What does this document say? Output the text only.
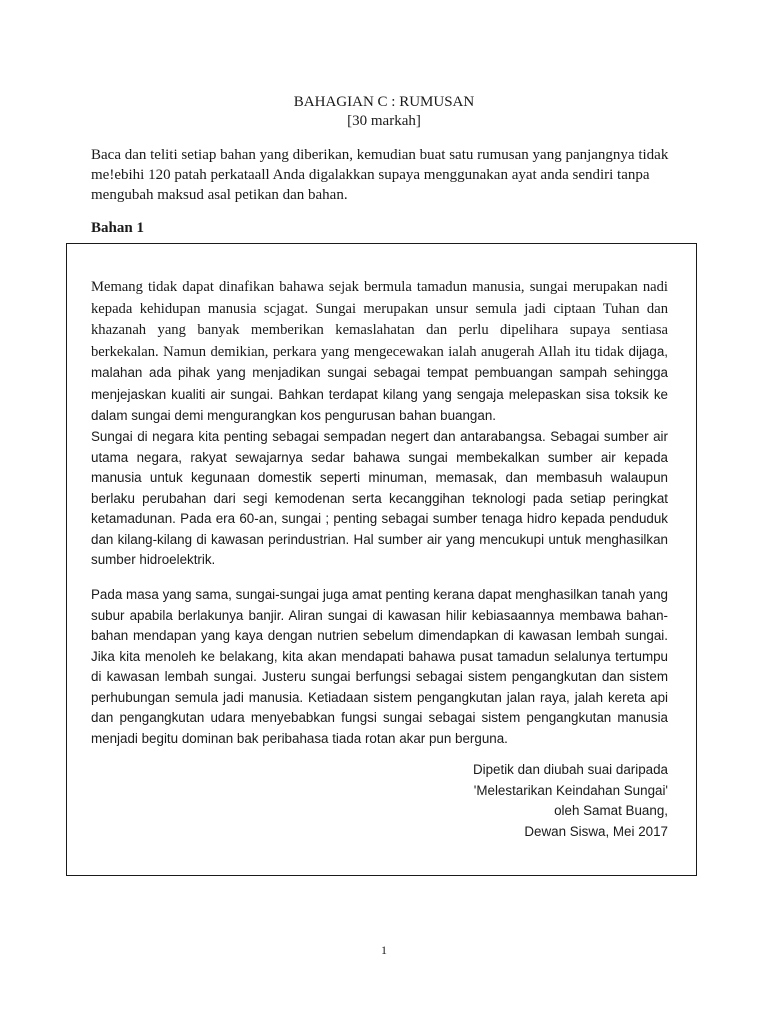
BAHAGIAN C : RUMUSAN
[30 markah]

Baca dan teliti setiap bahan yang diberikan, kemudian buat satu rumusan yang panjangnya tidak me!ebihi 120 patah perkataall Anda digalakkan supaya menggunakan ayat anda sendiri tanpa mengubah maksud asal petikan dan bahan.

Bahan 1

Memang tidak dapat dinafikan bahawa sejak bermula tamadun manusia, sungai merupakan nadi kepada kehidupan manusia scjagat. Sungai merupakan unsur semula jadi ciptaan Tuhan dan khazanah yang banyak memberikan kemaslahatan dan perlu dipelihara supaya sentiasa berkekalan. Namun demikian, perkara yang mengecewakan ialah anugerah Allah itu tidak dijaga, malahan ada pihak yang menjadikan sungai sebagai tempat pembuangan sampah sehingga menjejaskan kualiti air sungai. Bahkan terdapat kilang yang sengaja melepaskan sisa toksik ke dalam sungai demi mengurangkan kos pengurusan bahan buangan.

Sungai di negara kita penting sebagai sempadan negert dan antarabangsa. Sebagai sumber air utama negara, rakyat sewajarnya sedar bahawa sungai membekalkan sumber air kepada manusia untuk kegunaan domestik seperti minuman, memasak, dan membasuh walaupun berlaku perubahan dari segi kemodenan serta kecanggihan teknologi pada setiap peringkat ketamadunan. Pada era 60-an, sungai ; penting sebagai sumber tenaga hidro kepada penduduk dan kilang-kilang di kawasan perindustrian. Hal sumber air yang mencukupi untuk menghasilkan sumber hidroelektrik.

Pada masa yang sama, sungai-sungai juga amat penting kerana dapat menghasilkan tanah yang subur apabila berlakunya banjir. Aliran sungai di kawasan hilir kebiasaannya membawa bahan-bahan mendapan yang kaya dengan nutrien sebelum dimendapkan di kawasan lembah sungai. Jika kita menoleh ke belakang, kita akan mendapati bahawa pusat tamadun selalunya tertumpu di kawasan lembah sungai. Justeru sungai berfungsi sebagai sistem pengangkutan dan sistem perhubungan semula jadi manusia. Ketiadaan sistem pengangkutan jalan raya, jalah kereta api dan pengangkutan udara menyebabkan fungsi sungai sebagai sistem pengangkutan manusia menjadi begitu dominan bak peribahasa tiada rotan akar pun berguna.

Dipetik dan diubah suai daripada
'Melestarikan Keindahan Sungai'
oleh Samat Buang,
Dewan Siswa, Mei 2017

1
